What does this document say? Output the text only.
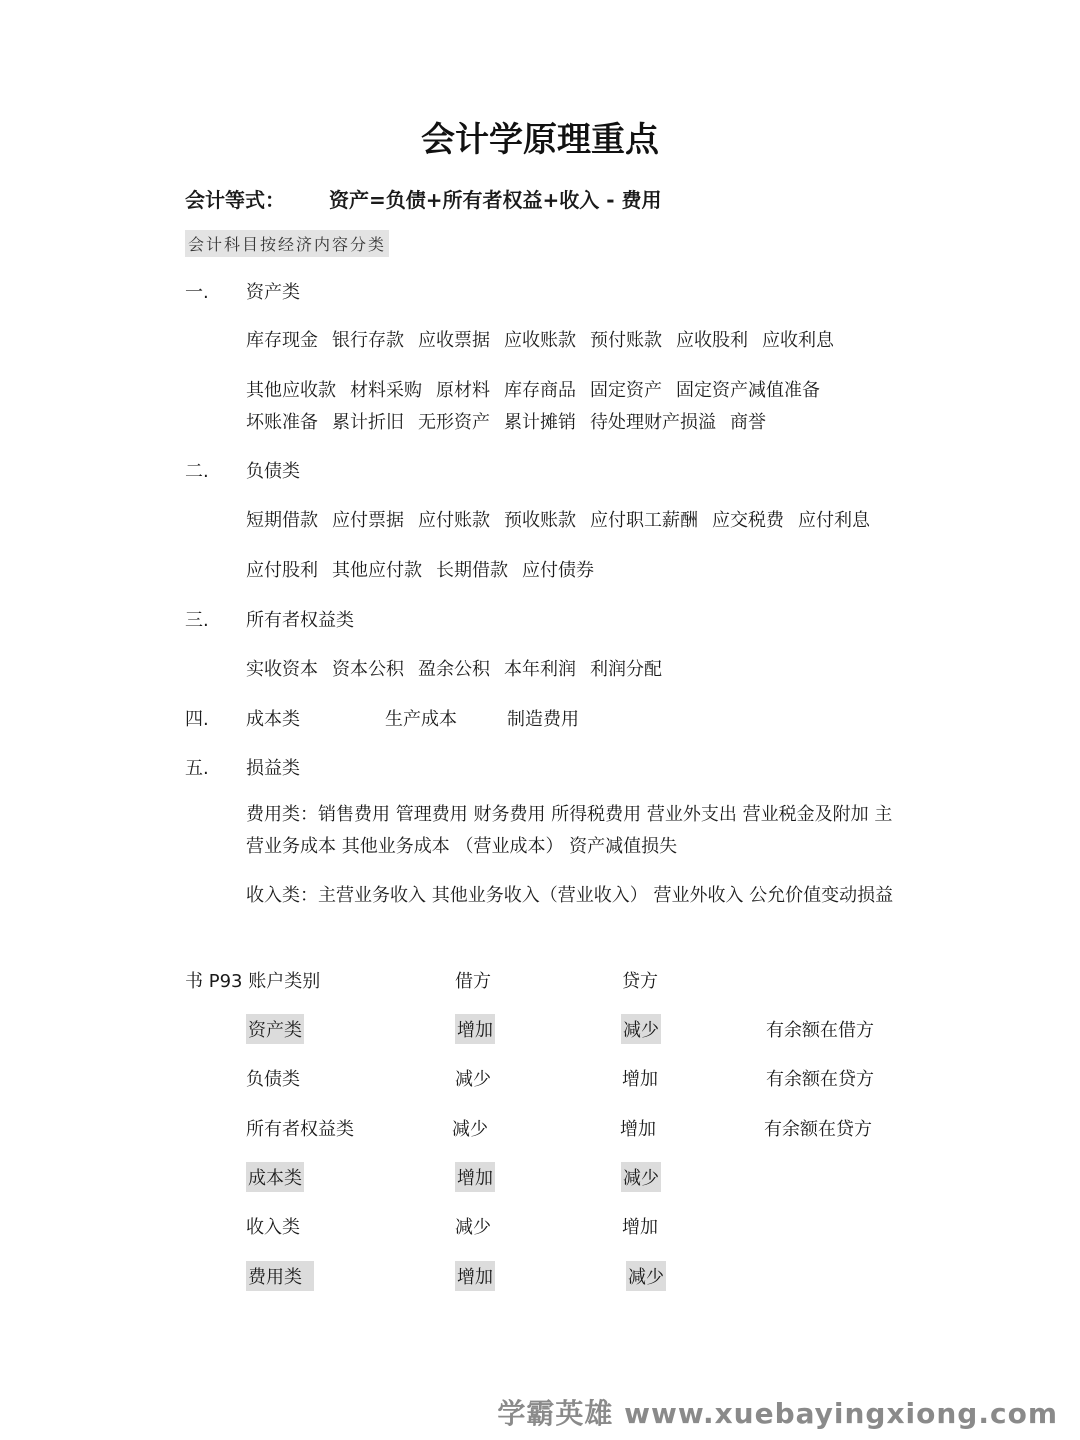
会计学原理重点
会计等式： 资产=负债+所有者权益+收入 - 费用
会计科目按经济内容分类
一. 资产类
库存现金 银行存款 应收票据 应收账款 预付账款 应收股利 应收利息
其他应收款 材料采购 原材料 库存商品 固定资产 固定资产减值准备
坏账准备 累计折旧 无形资产 累计摊销 待处理财产损溢 商誉
二. 负债类
短期借款 应付票据 应付账款 预收账款 应付职工薪酬 应交税费 应付利息
应付股利 其他应付款 长期借款 应付债券
三. 所有者权益类
实收资本 资本公积 盈余公积 本年利润 利润分配
四. 成本类	生产成本	制造费用
五. 损益类
费用类：销售费用 管理费用 财务费用 所得税费用 营业外支出 营业税金及附加 主营业务成本 其他业务成本 （营业成本） 资产减值损失
收入类：主营业务收入 其他业务收入（营业收入） 营业外收入 公允价值变动损益
书 P93 账户类别	借方	贷方
资产类	增加	减少	有余额在借方
负债类	减少	增加	有余额在贷方
所有者权益类	减少	增加	有余额在贷方
成本类	增加	减少
收入类	减少	增加
费用类	增加	减少
学霸英雄 www.xuebayingxiong.com
